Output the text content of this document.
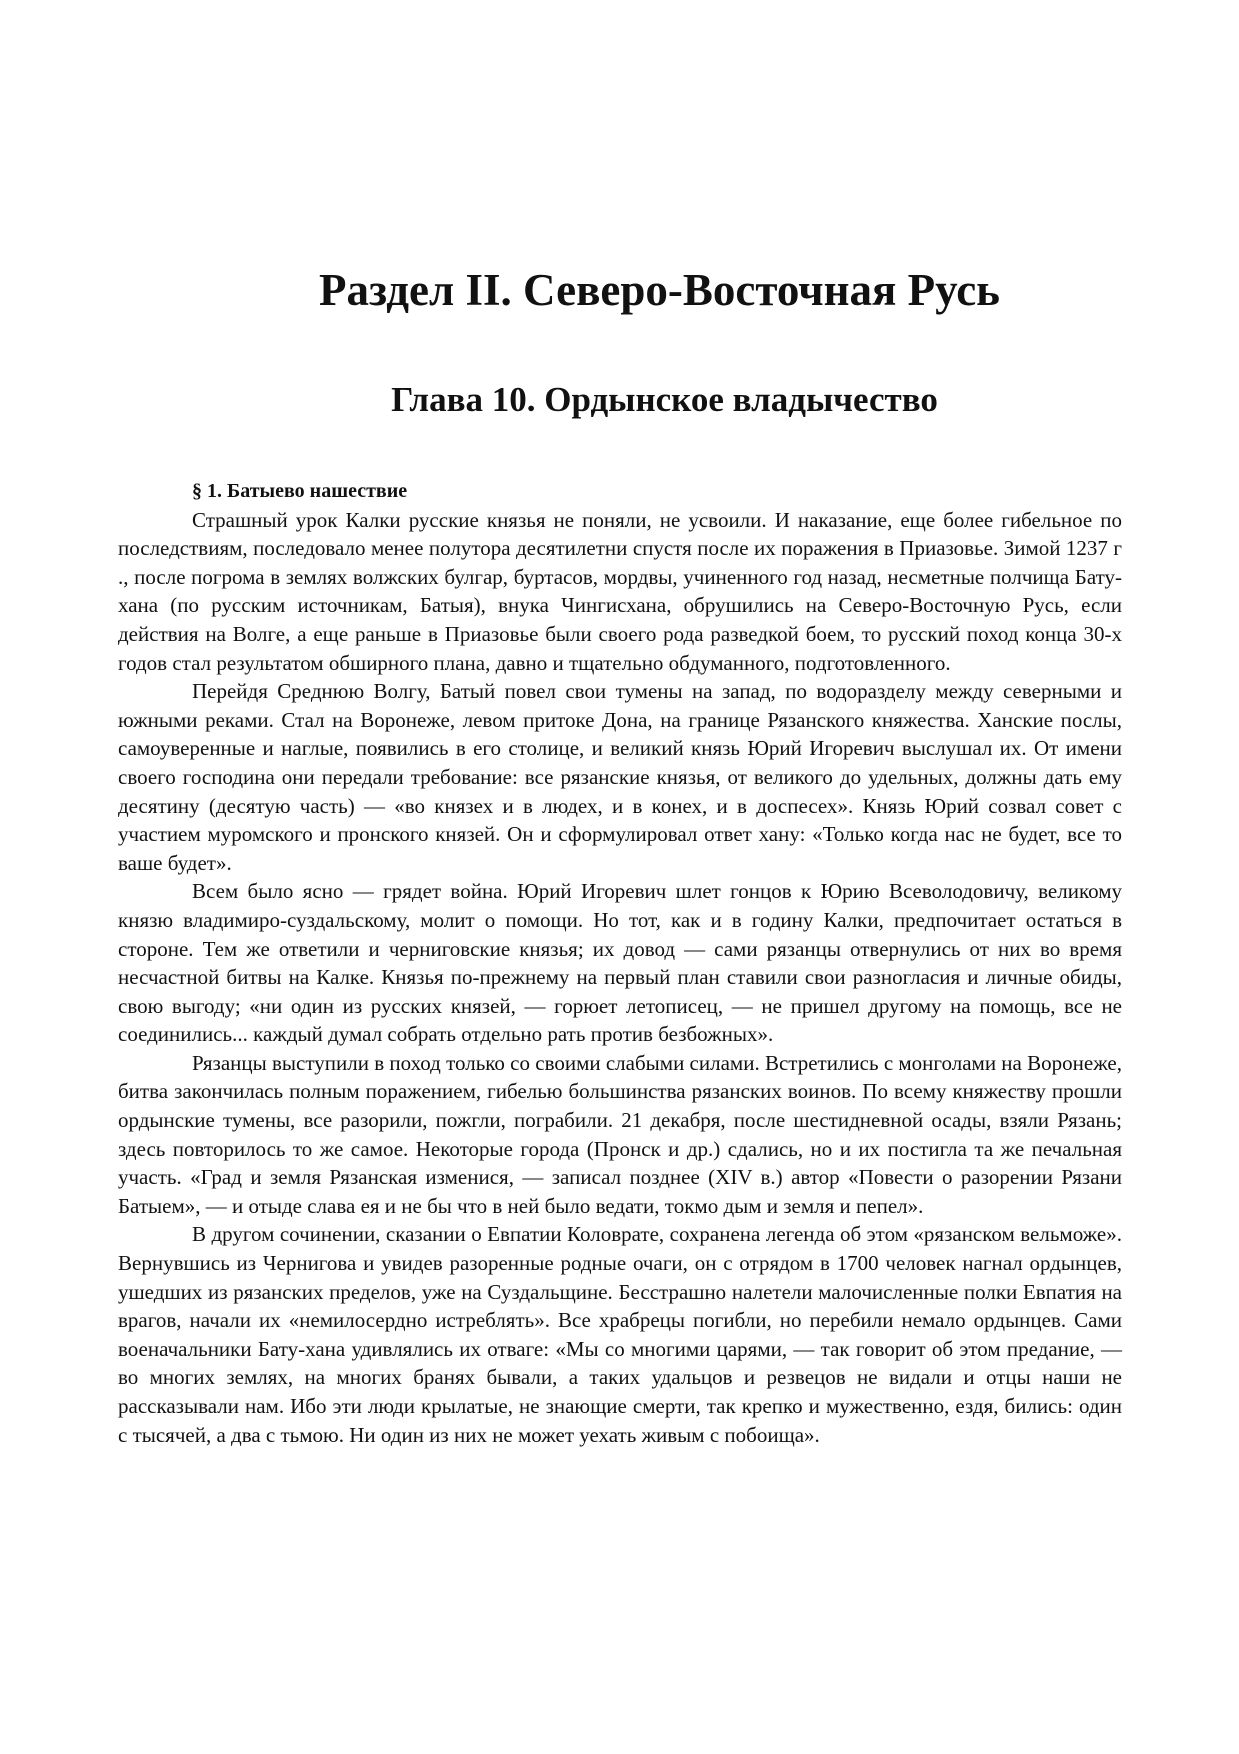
Раздел II. Северо-Восточная Русь
Глава 10. Ордынское владычество

§ 1. Батыево нашествие

Страшный урок Калки русские князья не поняли, не усвоили. И наказание, еще более гибельное по последствиям, последовало менее полутора десятилетни спустя после их поражения в Приазовье. Зимой 1237 г ., после погрома в землях волжских булгар, буртасов, мордвы, учиненного год назад, несметные полчища Бату-хана (по русским источникам, Батыя), внука Чингисхана, обрушились на Северо-Восточную Русь, если действия на Волге, а еще раньше в Приазовье были своего рода разведкой боем, то русский поход конца 30-х годов стал результатом обширного плана, давно и тщательно обдуманного, подготовленного.

Перейдя Среднюю Волгу, Батый повел свои тумены на запад, по водоразделу между северными и южными реками. Стал на Воронеже, левом притоке Дона, на границе Рязанского княжества. Ханские послы, самоуверенные и наглые, появились в его столице, и великий князь Юрий Игоревич выслушал их. От имени своего господина они передали требование: все рязанские князья, от великого до удельных, должны дать ему десятину (десятую часть) — «во князех и в людех, и в конех, и в доспесех». Князь Юрий созвал совет с участием муромского и пронского князей. Он и сформулировал ответ хану: «Только когда нас не будет, все то ваше будет».

Всем было ясно — грядет война. Юрий Игоревич шлет гонцов к Юрию Всеволодовичу, великому князю владимиро-суздальскому, молит о помощи. Но тот, как и в годину Калки, предпочитает остаться в стороне. Тем же ответили и черниговские князья; их довод — сами рязанцы отвернулись от них во время несчастной битвы на Калке. Князья по-прежнему на первый план ставили свои разногласия и личные обиды, свою выгоду; «ни один из русских князей, — горюет летописец, — не пришел другому на помощь, все не соединились... каждый думал собрать отдельно рать против безбожных».

Рязанцы выступили в поход только со своими слабыми силами. Встретились с монголами на Воронеже, битва закончилась полным поражением, гибелью большинства рязанских воинов. По всему княжеству прошли ордынские тумены, все разорили, пожгли, пограбили. 21 декабря, после шестидневной осады, взяли Рязань; здесь повторилось то же самое. Некоторые города (Пронск и др.) сдались, но и их постигла та же печальная участь. «Град и земля Рязанская изменися, — записал позднее (XIV в.) автор «Повести о разорении Рязани Батыем», — и отыде слава ея и не бы что в ней было ведати, токмо дым и земля и пепел».

В другом сочинении, сказании о Евпатии Коловрате, сохранена легенда об этом «рязанском вельможе». Вернувшись из Чернигова и увидев разоренные родные очаги, он с отрядом в 1700 человек нагнал ордынцев, ушедших из рязанских пределов, уже на Суздальщине. Бесстрашно налетели малочисленные полки Евпатия на врагов, начали их «немилосердно истреблять». Все храбрецы погибли, но перебили немало ордынцев. Сами военачальники Бату-хана удивлялись их отваге: «Мы со многими царями, — так говорит об этом предание, — во многих землях, на многих бранях бывали, а таких удальцов и резвецов не видали и отцы наши не рассказывали нам. Ибо эти люди крылатые, не знающие смерти, так крепко и мужественно, ездя, бились: один с тысячей, а два с тьмою. Ни один из них не может уехать живым с побоища».
